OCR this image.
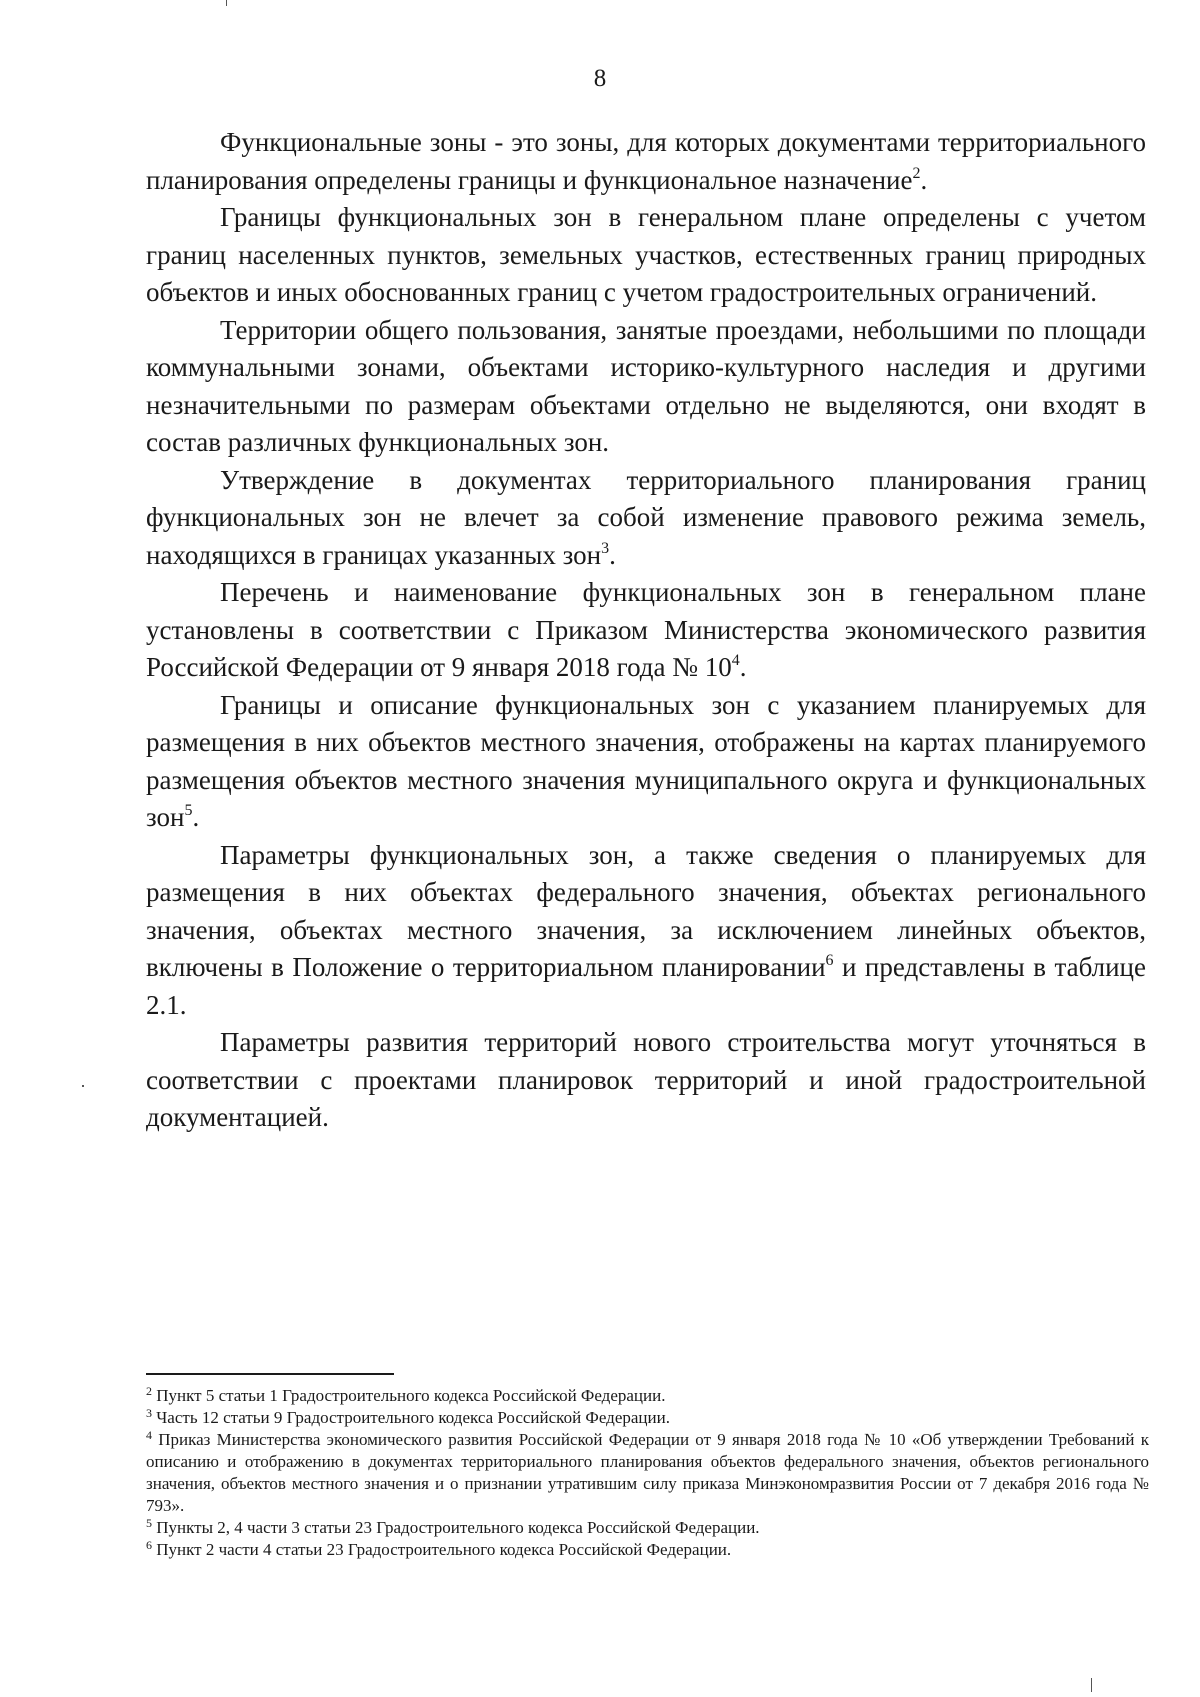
8

Функциональные зоны - это зоны, для которых документами территориального планирования определены границы и функциональное назначение$^2$.

Границы функциональных зон в генеральном плане определены с учетом границ населенных пунктов, земельных участков, естественных границ природных объектов и иных обоснованных границ с учетом градостроительных ограничений.

Территории общего пользования, занятые проездами, небольшими по площади коммунальными зонами, объектами историко-культурного наследия и другими незначительными по размерам объектами отдельно не выделяются, они входят в состав различных функциональных зон.

Утверждение в документах территориального планирования границ функциональных зон не влечет за собой изменение правового режима земель, находящихся в границах указанных зон$^3$.

Перечень и наименование функциональных зон в генеральном плане установлены в соответствии с Приказом Министерства экономического развития Российской Федерации от 9 января 2018 года № $10^4$.

Границы и описание функциональных зон с указанием планируемых для размещения в них объектов местного значения, отображены на картах планируемого размещения объектов местного значения муниципального округа и функциональных зон$^5$.

Параметры функциональных зон, а также сведения о планируемых для размещения в них объектах федерального значения, объектах регионального значения, объектах местного значения, за исключением линейных объектов, включены в Положение о территориальном планировании$^6$ и представлены в таблице 2.1.

Параметры развития территорий нового строительства могут уточняться в соответствии с проектами планировок территорий и иной градостроительной документацией.

$^2$ Пункт 5 статьи 1 Градостроительного кодекса Российской Федерации.

$^3$ Часть 12 статьи 9 Градостроительного кодекса Российской Федерации.

$^4$ Приказ Министерства экономического развития Российской Федерации от 9 января 2018 года № 10 «Об утверждении Требований к описанию и отображению в документах территориального планирования объектов федерального значения, объектов регионального значения, объектов местного значения и о признании утратившим силу приказа Минэкономразвития России от 7 декабря 2016 года № 793».

$^5$ Пункты 2, 4 части 3 статьи 23 Градостроительного кодекса Российской Федерации.

$^6$ Пункт 2 части 4 статьи 23 Градостроительного кодекса Российской Федерации.
